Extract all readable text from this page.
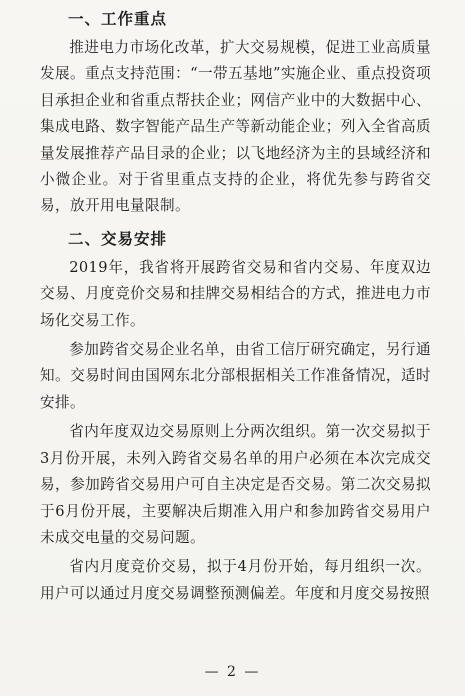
一、工作重点

推进电力市场化改革，扩大交易规模，促进工业高质量发展。重点支持范围：“一带五基地”实施企业、重点投资项目承担企业和省重点帮扶企业；网信产业中的大数据中心、集成电路、数字智能产品生产等新动能企业；列入全省高质量发展推荐产品目录的企业；以飞地经济为主的县域经济和小微企业。对于省里重点支持的企业，将优先参与跨省交易，放开用电量限制。

二、交易安排

2019年，我省将开展跨省交易和省内交易、年度双边交易、月度竞价交易和挂牌交易相结合的方式，推进电力市场化交易工作。

参加跨省交易企业名单，由省工信厅研究确定，另行通知。交易时间由国网东北分部根据相关工作准备情况，适时安排。

省内年度双边交易原则上分两次组织。第一次交易拟于3月份开展，未列入跨省交易名单的用户必须在本次完成交易，参加跨省交易用户可自主决定是否交易。第二次交易拟于6月份开展，主要解决后期准入用户和参加跨省交易用户未成交电量的交易问题。

省内月度竞价交易，拟于4月份开始，每月组织一次。用户可以通过月度交易调整预测偏差。年度和月度交易按照

— 2 —
